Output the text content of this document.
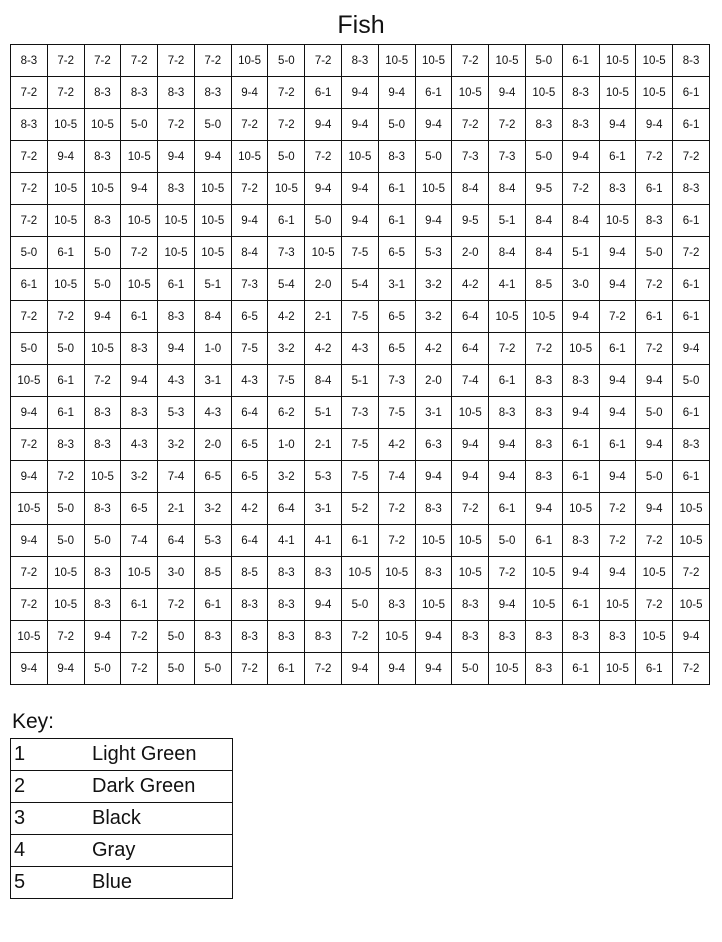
Fish
8-3	7-2	7-2	7-2	7-2	7-2	10-5	5-0	7-2	8-3	10-5	10-5	7-2	10-5	5-0	6-1	10-5	10-5	8-3
7-2	7-2	8-3	8-3	8-3	8-3	9-4	7-2	6-1	9-4	9-4	6-1	10-5	9-4	10-5	8-3	10-5	10-5	6-1
8-3	10-5	10-5	5-0	7-2	5-0	7-2	7-2	9-4	9-4	5-0	9-4	7-2	7-2	8-3	8-3	9-4	9-4	6-1
7-2	9-4	8-3	10-5	9-4	9-4	10-5	5-0	7-2	10-5	8-3	5-0	7-3	7-3	5-0	9-4	6-1	7-2	7-2
7-2	10-5	10-5	9-4	8-3	10-5	7-2	10-5	9-4	9-4	6-1	10-5	8-4	8-4	9-5	7-2	8-3	6-1	8-3
7-2	10-5	8-3	10-5	10-5	10-5	9-4	6-1	5-0	9-4	6-1	9-4	9-5	5-1	8-4	8-4	10-5	8-3	6-1
5-0	6-1	5-0	7-2	10-5	10-5	8-4	7-3	10-5	7-5	6-5	5-3	2-0	8-4	8-4	5-1	9-4	5-0	7-2
6-1	10-5	5-0	10-5	6-1	5-1	7-3	5-4	2-0	5-4	3-1	3-2	4-2	4-1	8-5	3-0	9-4	7-2	6-1
7-2	7-2	9-4	6-1	8-3	8-4	6-5	4-2	2-1	7-5	6-5	3-2	6-4	10-5	10-5	9-4	7-2	6-1	6-1
5-0	5-0	10-5	8-3	9-4	1-0	7-5	3-2	4-2	4-3	6-5	4-2	6-4	7-2	7-2	10-5	6-1	7-2	9-4
10-5	6-1	7-2	9-4	4-3	3-1	4-3	7-5	8-4	5-1	7-3	2-0	7-4	6-1	8-3	8-3	9-4	9-4	5-0
9-4	6-1	8-3	8-3	5-3	4-3	6-4	6-2	5-1	7-3	7-5	3-1	10-5	8-3	8-3	9-4	9-4	5-0	6-1
7-2	8-3	8-3	4-3	3-2	2-0	6-5	1-0	2-1	7-5	4-2	6-3	9-4	9-4	8-3	6-1	6-1	9-4	8-3
9-4	7-2	10-5	3-2	7-4	6-5	6-5	3-2	5-3	7-5	7-4	9-4	9-4	9-4	8-3	6-1	9-4	5-0	6-1
10-5	5-0	8-3	6-5	2-1	3-2	4-2	6-4	3-1	5-2	7-2	8-3	7-2	6-1	9-4	10-5	7-2	9-4	10-5
9-4	5-0	5-0	7-4	6-4	5-3	6-4	4-1	4-1	6-1	7-2	10-5	10-5	5-0	6-1	8-3	7-2	7-2	10-5
7-2	10-5	8-3	10-5	3-0	8-5	8-5	8-3	8-3	10-5	10-5	8-3	10-5	7-2	10-5	9-4	9-4	10-5	7-2
7-2	10-5	8-3	6-1	7-2	6-1	8-3	8-3	9-4	5-0	8-3	10-5	8-3	9-4	10-5	6-1	10-5	7-2	10-5
10-5	7-2	9-4	7-2	5-0	8-3	8-3	8-3	8-3	7-2	10-5	9-4	8-3	8-3	8-3	8-3	8-3	10-5	9-4
9-4	9-4	5-0	7-2	5-0	5-0	7-2	6-1	7-2	9-4	9-4	9-4	5-0	10-5	8-3	6-1	10-5	6-1	7-2
Key:
1	Light Green
2	Dark Green
3	Black
4	Gray
5	Blue
